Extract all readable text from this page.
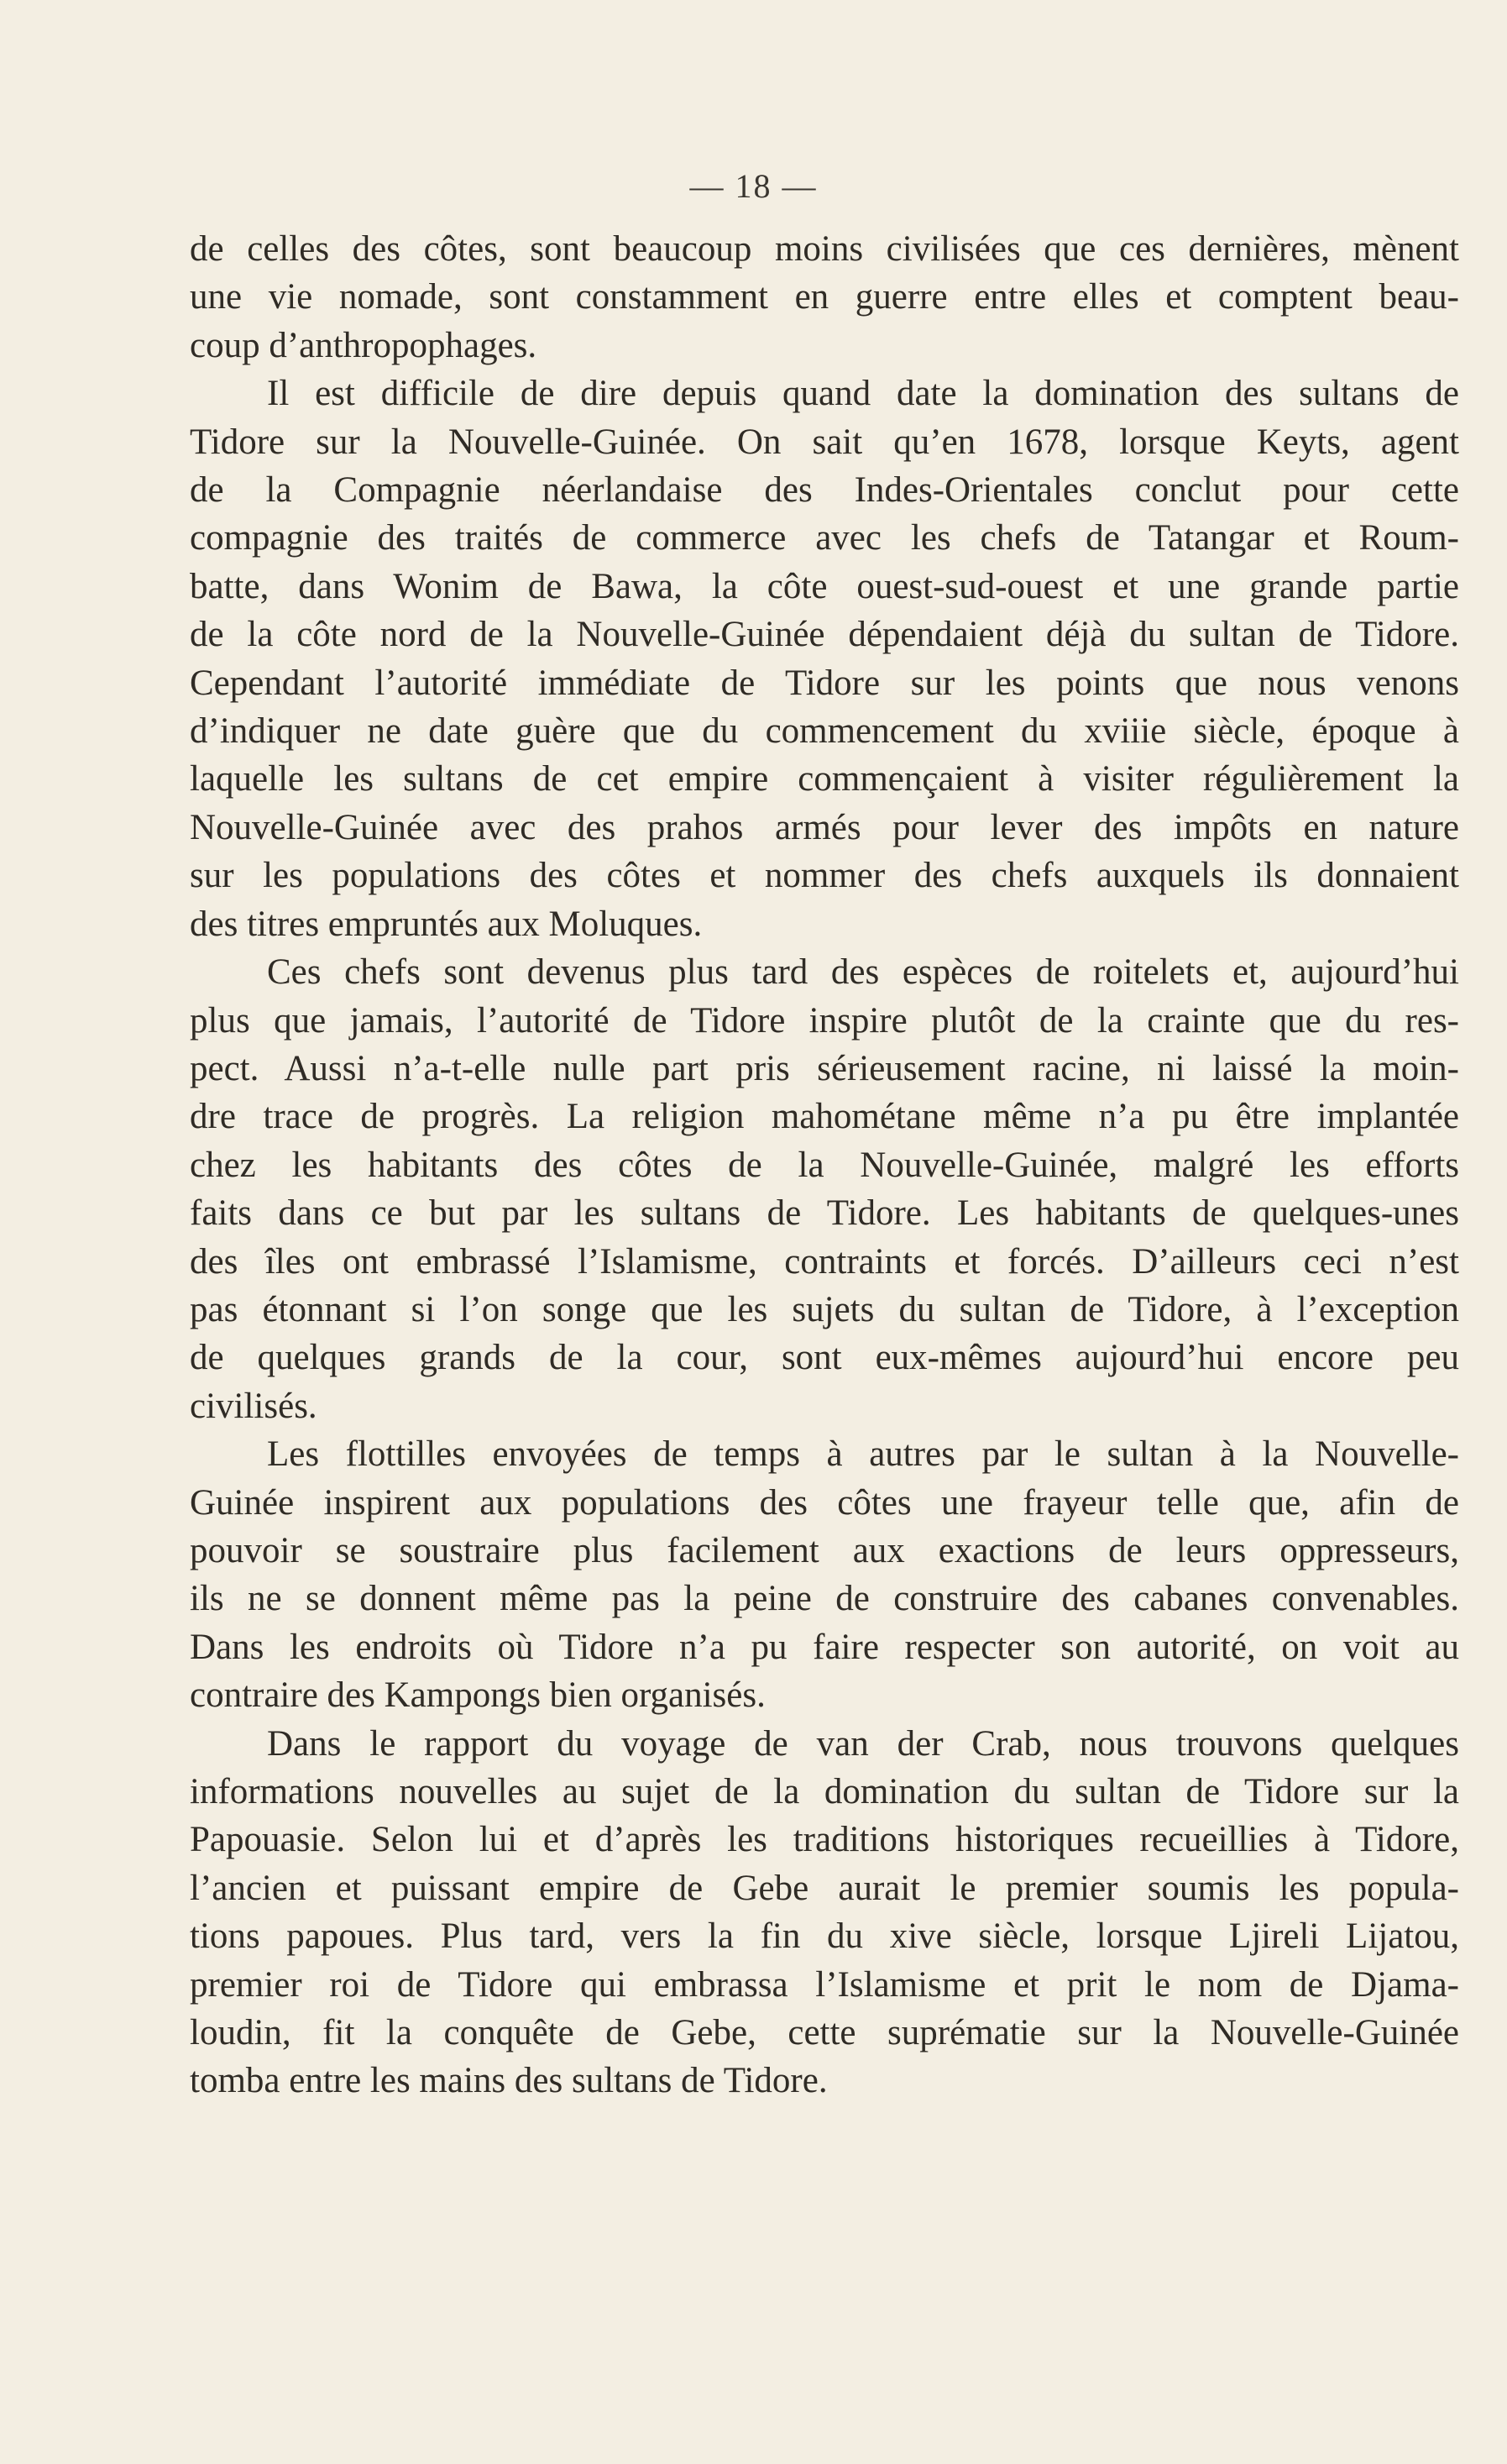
— 18 —
de celles des côtes, sont beaucoup moins civilisées que ces dernières, mènent
une vie nomade, sont constamment en guerre entre elles et comptent beau-
coup d’anthropophages.
Il est difficile de dire depuis quand date la domination des sultans de
Tidore sur la Nouvelle-Guinée. On sait qu’en 1678, lorsque Keyts, agent
de la Compagnie néerlandaise des Indes-Orientales conclut pour cette
compagnie des traités de commerce avec les chefs de Tatangar et Roum-
batte, dans Wonim de Bawa, la côte ouest-sud-ouest et une grande partie
de la côte nord de la Nouvelle-Guinée dépendaient déjà du sultan de Tidore.
Cependant l’autorité immédiate de Tidore sur les points que nous venons
d’indiquer ne date guère que du commencement du xviiie siècle, époque à
laquelle les sultans de cet empire commençaient à visiter régulièrement la
Nouvelle-Guinée avec des prahos armés pour lever des impôts en nature
sur les populations des côtes et nommer des chefs auxquels ils donnaient
des titres empruntés aux Moluques.
Ces chefs sont devenus plus tard des espèces de roitelets et, aujourd’hui
plus que jamais, l’autorité de Tidore inspire plutôt de la crainte que du res-
pect. Aussi n’a-t-elle nulle part pris sérieusement racine, ni laissé la moin-
dre trace de progrès. La religion mahométane même n’a pu être implantée
chez les habitants des côtes de la Nouvelle-Guinée, malgré les efforts
faits dans ce but par les sultans de Tidore. Les habitants de quelques-unes
des îles ont embrassé l’Islamisme, contraints et forcés. D’ailleurs ceci n’est
pas étonnant si l’on songe que les sujets du sultan de Tidore, à l’exception
de quelques grands de la cour, sont eux-mêmes aujourd’hui encore peu
civilisés.
Les flottilles envoyées de temps à autres par le sultan à la Nouvelle-
Guinée inspirent aux populations des côtes une frayeur telle que, afin de
pouvoir se soustraire plus facilement aux exactions de leurs oppresseurs,
ils ne se donnent même pas la peine de construire des cabanes convenables.
Dans les endroits où Tidore n’a pu faire respecter son autorité, on voit au
contraire des Kampongs bien organisés.
Dans le rapport du voyage de van der Crab, nous trouvons quelques
informations nouvelles au sujet de la domination du sultan de Tidore sur la
Papouasie. Selon lui et d’après les traditions historiques recueillies à Tidore,
l’ancien et puissant empire de Gebe aurait le premier soumis les popula-
tions papoues. Plus tard, vers la fin du xive siècle, lorsque Ljireli Lijatou,
premier roi de Tidore qui embrassa l’Islamisme et prit le nom de Djama-
loudin, fit la conquête de Gebe, cette suprématie sur la Nouvelle-Guinée
tomba entre les mains des sultans de Tidore.
